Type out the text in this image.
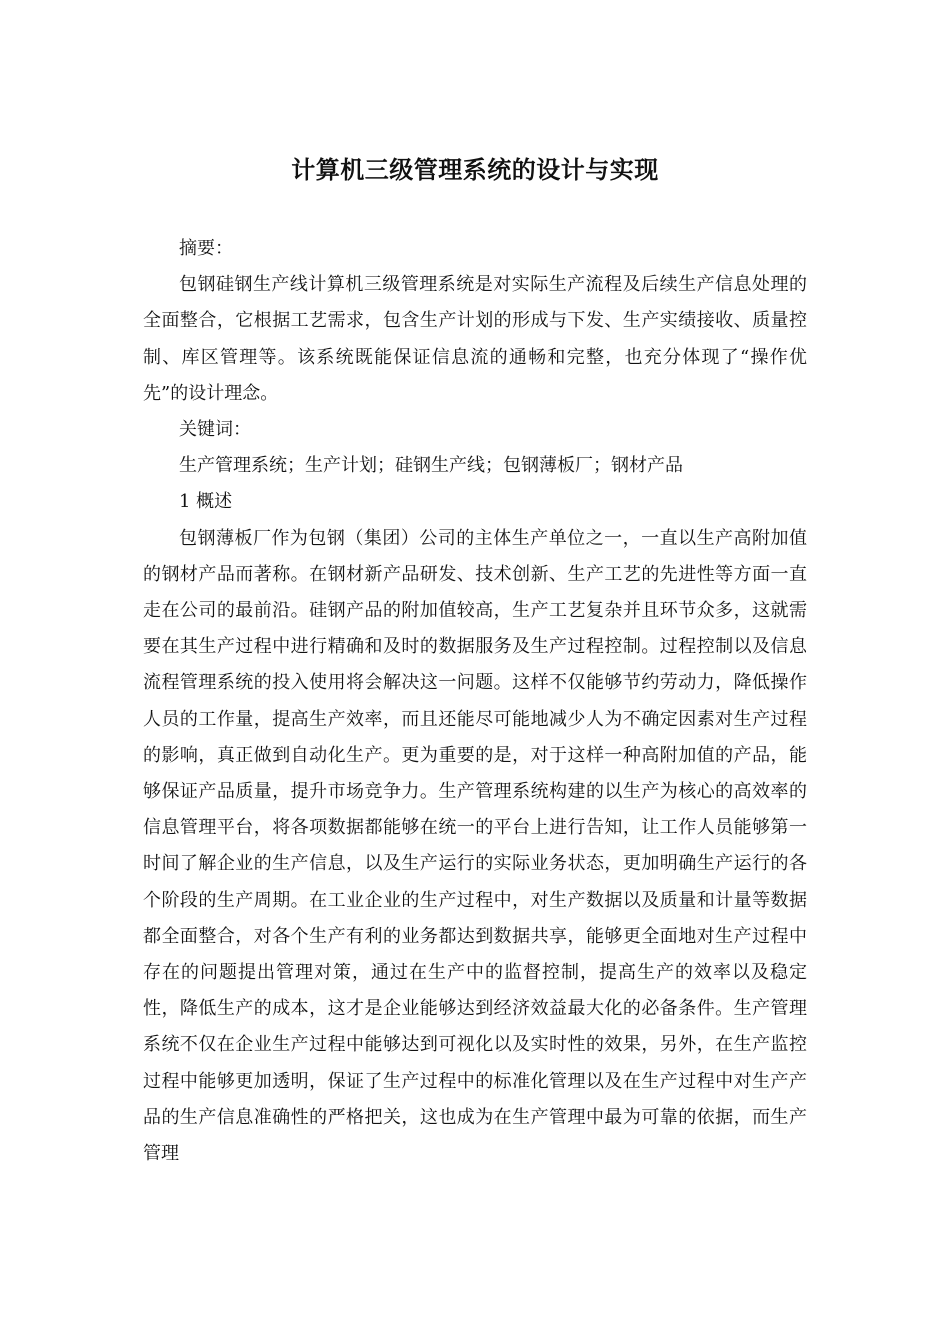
计算机三级管理系统的设计与实现

摘要：

包钢硅钢生产线计算机三级管理系统是对实际生产流程及后续生产信息处理的全面整合，它根据工艺需求，包含生产计划的形成与下发、生产实绩接收、质量控制、库区管理等。该系统既能保证信息流的通畅和完整，也充分体现了“操作优先”的设计理念。

关键词：

生产管理系统；生产计划；硅钢生产线；包钢薄板厂；钢材产品

1 概述

包钢薄板厂作为包钢（集团）公司的主体生产单位之一，一直以生产高附加值的钢材产品而著称。在钢材新产品研发、技术创新、生产工艺的先进性等方面一直走在公司的最前沿。硅钢产品的附加值较高，生产工艺复杂并且环节众多，这就需要在其生产过程中进行精确和及时的数据服务及生产过程控制。过程控制以及信息流程管理系统的投入使用将会解决这一问题。这样不仅能够节约劳动力，降低操作人员的工作量，提高生产效率，而且还能尽可能地减少人为不确定因素对生产过程的影响，真正做到自动化生产。更为重要的是，对于这样一种高附加值的产品，能够保证产品质量，提升市场竞争力。生产管理系统构建的以生产为核心的高效率的信息管理平台，将各项数据都能够在统一的平台上进行告知，让工作人员能够第一时间了解企业的生产信息，以及生产运行的实际业务状态，更加明确生产运行的各个阶段的生产周期。在工业企业的生产过程中，对生产数据以及质量和计量等数据都全面整合，对各个生产有利的业务都达到数据共享，能够更全面地对生产过程中存在的问题提出管理对策，通过在生产中的监督控制，提高生产的效率以及稳定性，降低生产的成本，这才是企业能够达到经济效益最大化的必备条件。生产管理系统不仅在企业生产过程中能够达到可视化以及实时性的效果，另外，在生产监控过程中能够更加透明，保证了生产过程中的标准化管理以及在生产过程中对生产产品的生产信息准确性的严格把关，这也成为在生产管理中最为可靠的依据，而生产管理
